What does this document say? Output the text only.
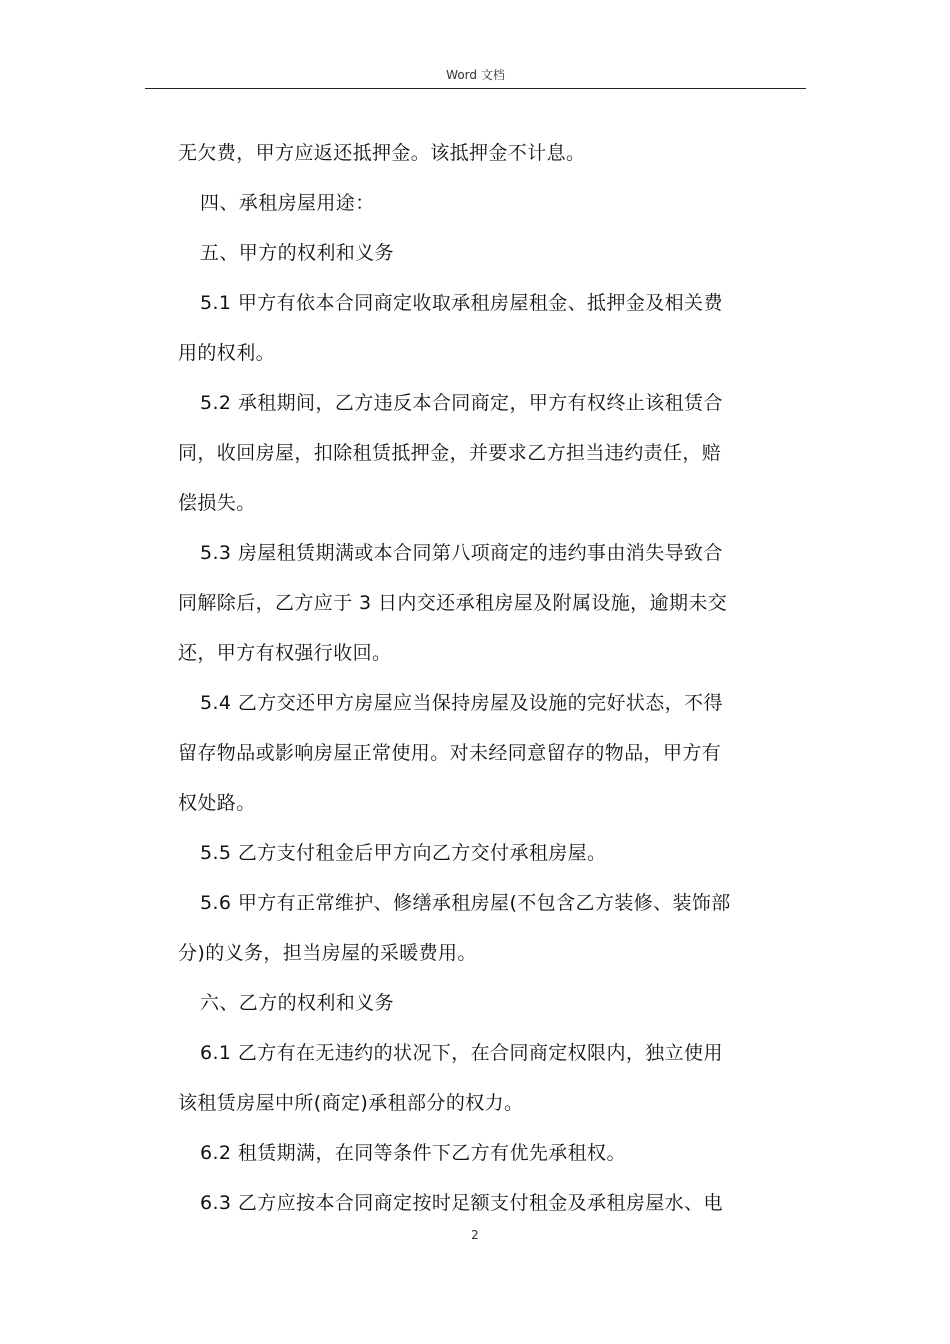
Word 文档
无欠费，甲方应返还抵押金。该抵押金不计息。
四、承租房屋用途：
五、甲方的权利和义务
5.1 甲方有依本合同商定收取承租房屋租金、抵押金及相关费
用的权利。
5.2 承租期间，乙方违反本合同商定，甲方有权终止该租赁合
同，收回房屋，扣除租赁抵押金，并要求乙方担当违约责任，赔
偿损失。
5.3 房屋租赁期满或本合同第八项商定的违约事由消失导致合
同解除后，乙方应于 3 日内交还承租房屋及附属设施，逾期未交
还，甲方有权强行收回。
5.4 乙方交还甲方房屋应当保持房屋及设施的完好状态，不得
留存物品或影响房屋正常使用。对未经同意留存的物品，甲方有
权处路。
5.5 乙方支付租金后甲方向乙方交付承租房屋。
5.6 甲方有正常维护、修缮承租房屋(不包含乙方装修、装饰部
分)的义务，担当房屋的采暖费用。
六、乙方的权利和义务
6.1 乙方有在无违约的状况下，在合同商定权限内，独立使用
该租赁房屋中所(商定)承租部分的权力。
6.2 租赁期满，在同等条件下乙方有优先承租权。
6.3 乙方应按本合同商定按时足额支付租金及承租房屋水、电
2
